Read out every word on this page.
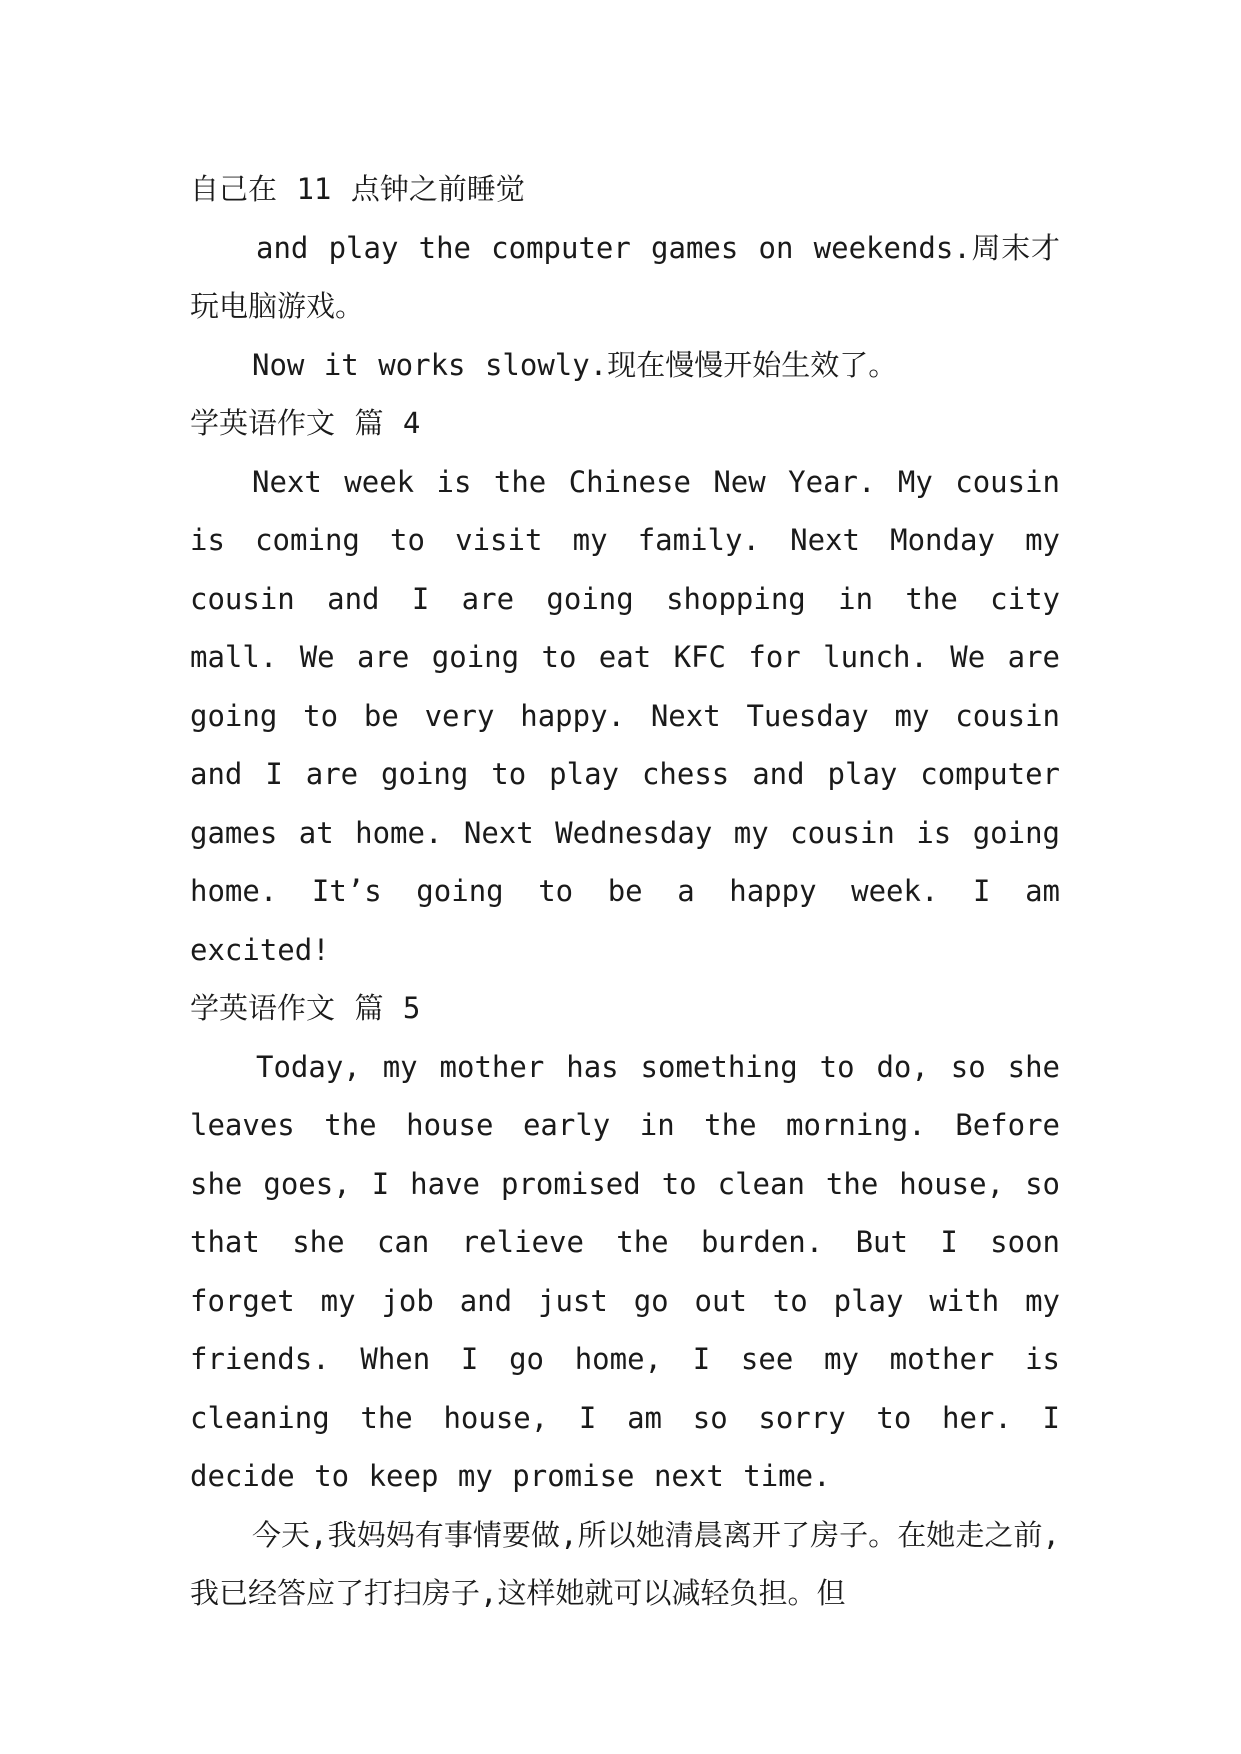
自己在 11 点钟之前睡觉

and play the computer games on weekends.周末才玩电脑游戏。

Now it works slowly.现在慢慢开始生效了。

学英语作文 篇 4

Next week is the Chinese New Year. My cousin is coming to visit my family. Next Monday my cousin and I are going shopping in the city mall. We are going to eat KFC for lunch. We are going to be very happy. Next Tuesday my cousin and I are going to play chess and play computer games at home. Next Wednesday my cousin is going home. It’s going to be a happy week. I am excited!

学英语作文 篇 5

Today, my mother has something to do, so she leaves the house early in the morning. Before she goes, I have promised to clean the house, so that she can relieve the burden. But I soon forget my job and just go out to play with my friends. When I go home, I see my mother is cleaning the house, I am so sorry to her. I decide to keep my promise next time.

今天,我妈妈有事情要做,所以她清晨离开了房子。在她走之前,我已经答应了打扫房子,这样她就可以减轻负担。但
